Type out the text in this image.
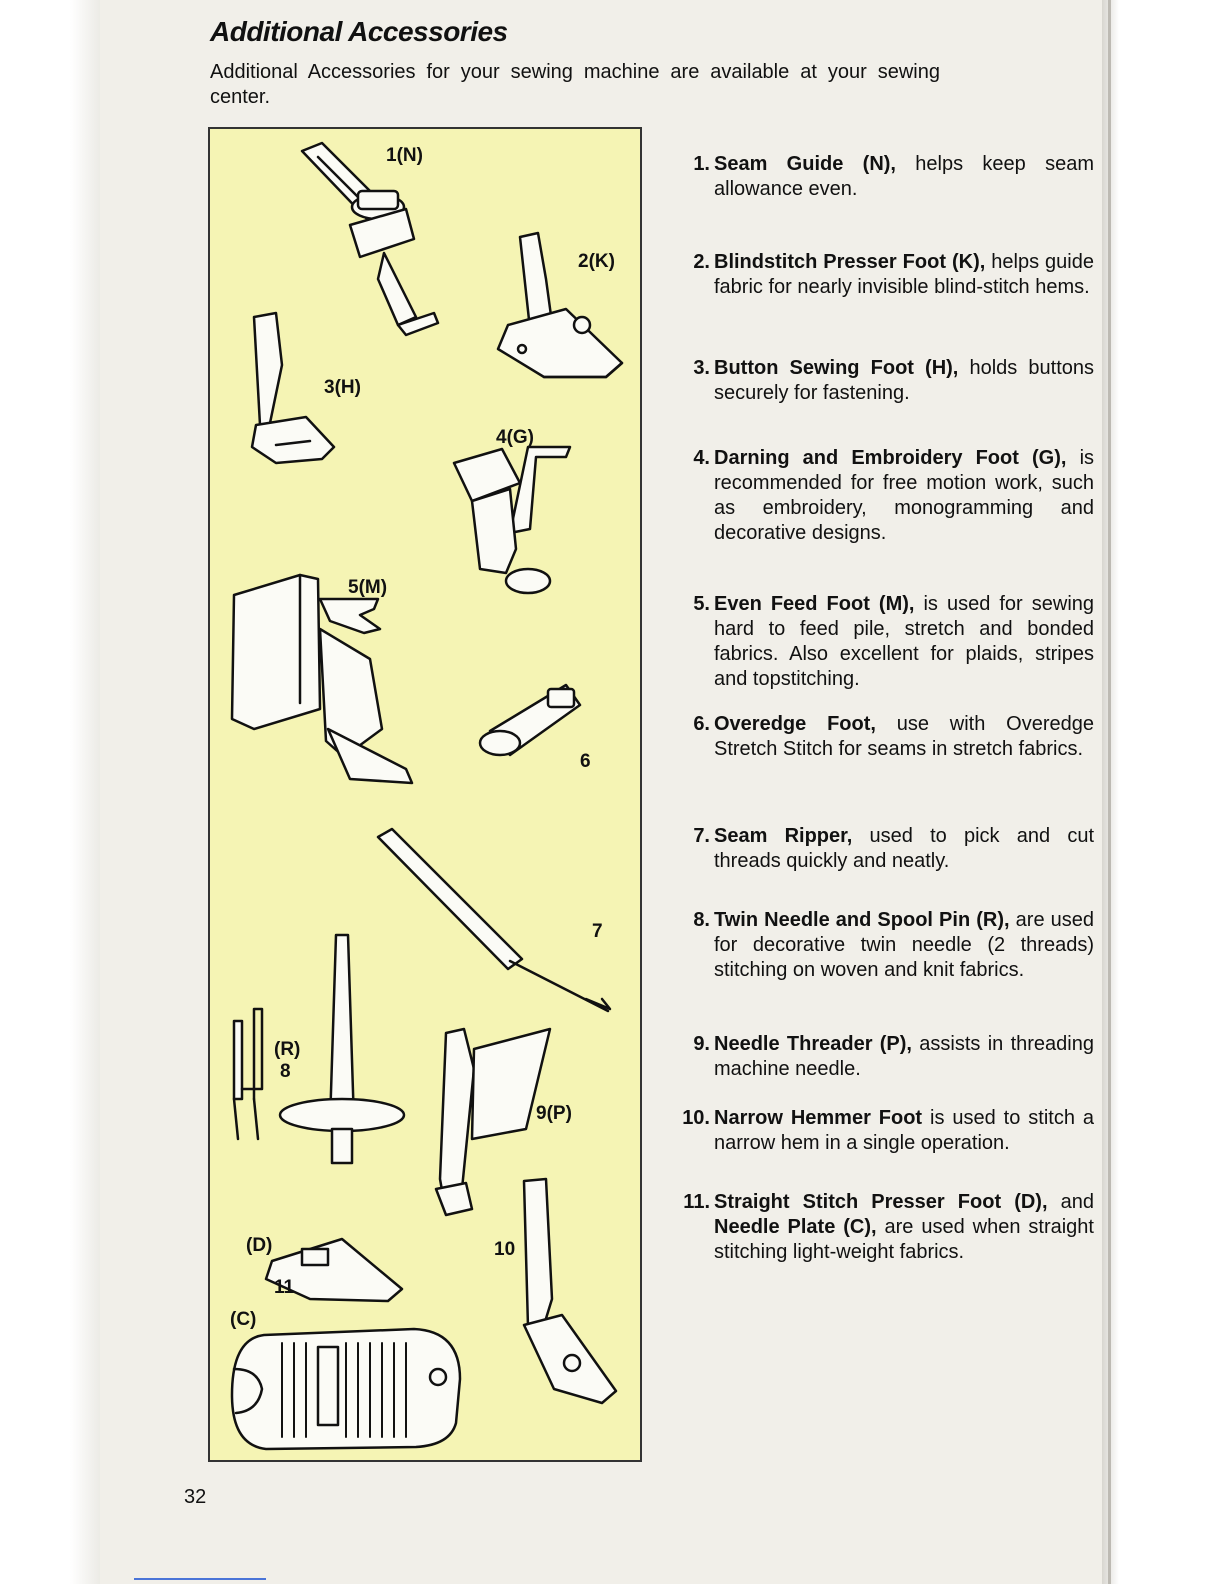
Additional Accessories

Additional Accessories for your sewing machine are available at your sewing center.

1(N)
2(K)
3(H)
4(G)
5(M)
6
7
(R)
8
9(P)
10
(D)
11
(C)
1. Seam Guide (N), helps keep seam allowance even.
2. Blindstitch Presser Foot (K), helps guide fabric for nearly invisible blind-stitch hems.
3. Button Sewing Foot (H), holds buttons securely for fastening.
4. Darning and Embroidery Foot (G), is recommended for free motion work, such as embroidery, monogramming and decorative designs.
5. Even Feed Foot (M), is used for sewing hard to feed pile, stretch and bonded fabrics. Also excellent for plaids, stripes and topstitching.
6. Overedge Foot, use with Overedge Stretch Stitch for seams in stretch fabrics.
7. Seam Ripper, used to pick and cut threads quickly and neatly.
8. Twin Needle and Spool Pin (R), are used for decorative twin needle (2 threads) stitching on woven and knit fabrics.
9. Needle Threader (P), assists in threading machine needle.
10. Narrow Hemmer Foot is used to stitch a narrow hem in a single operation.
11. Straight Stitch Presser Foot (D), and Needle Plate (C), are used when straight stitching light-weight fabrics.
32
